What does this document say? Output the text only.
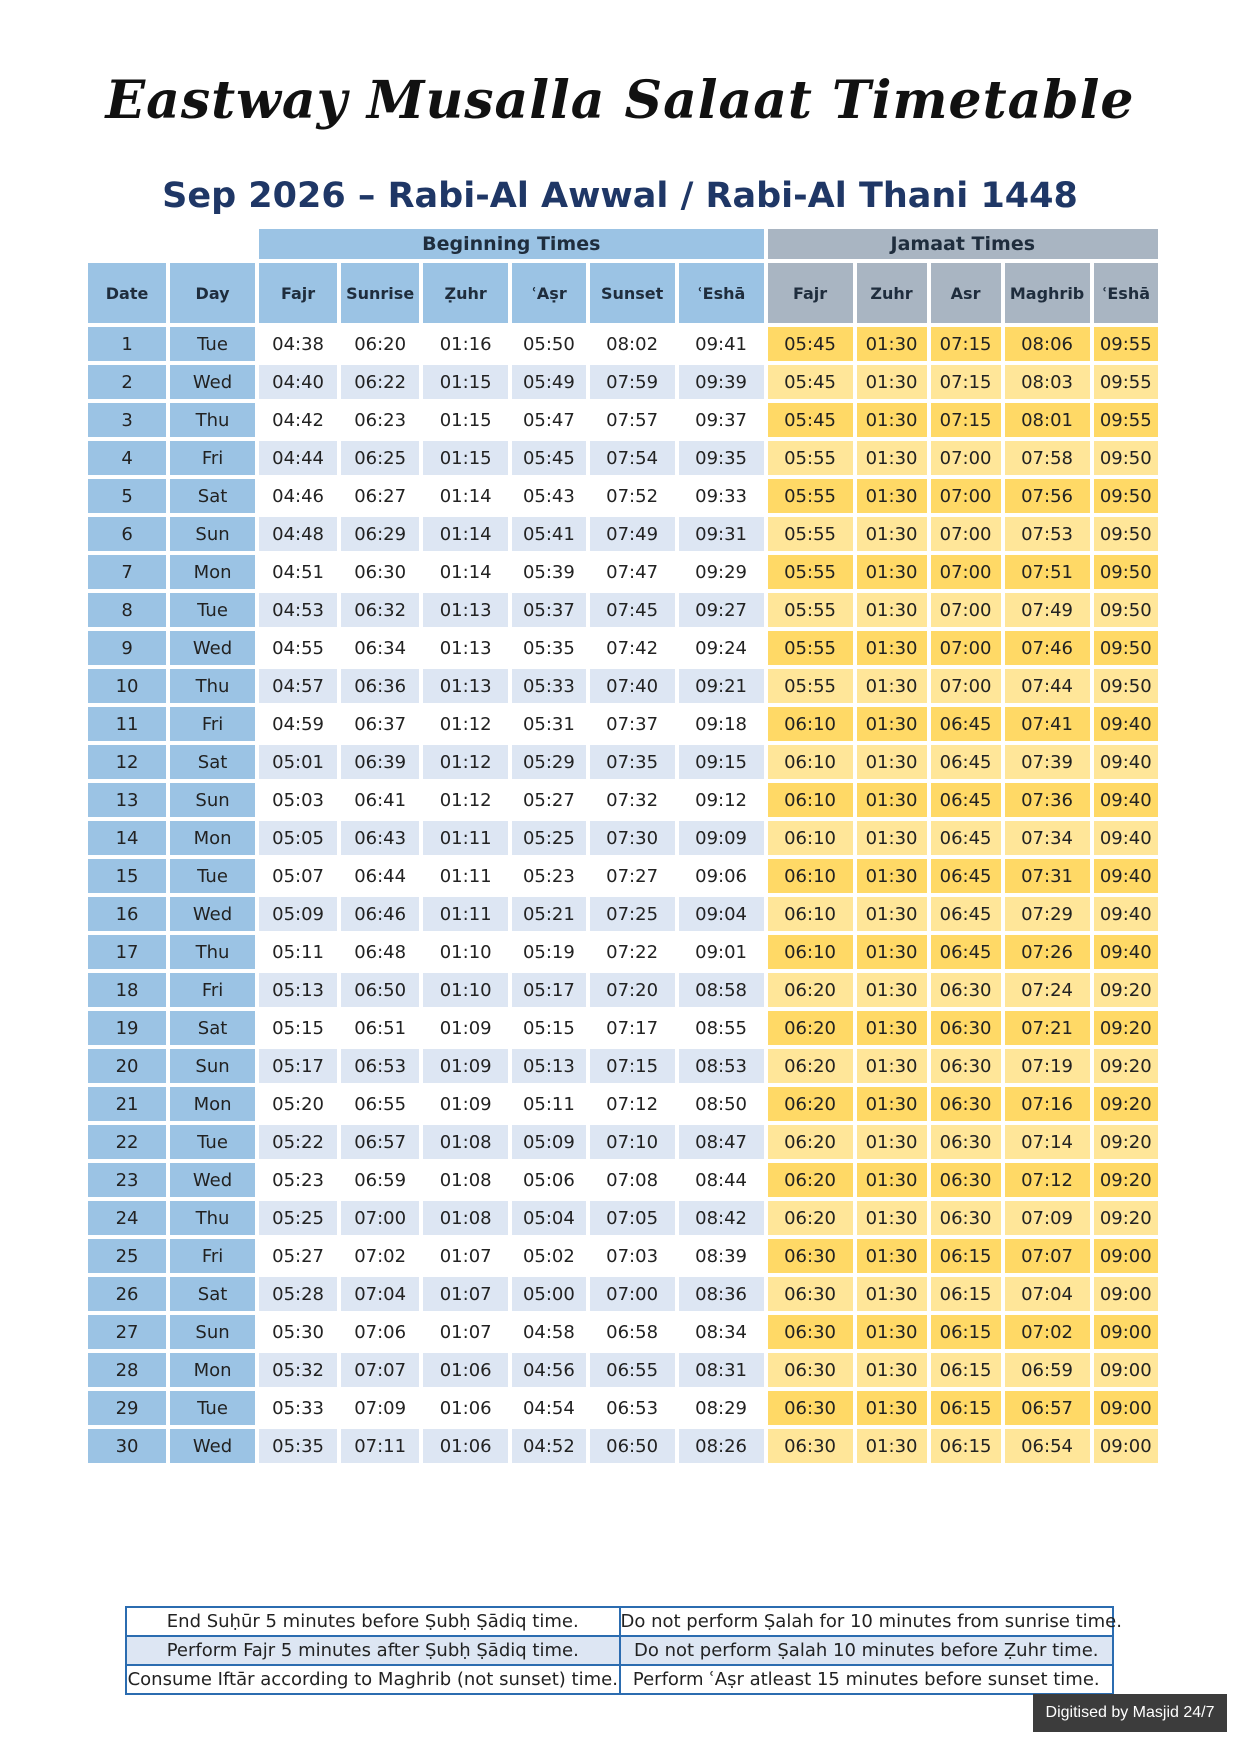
Eastway Musalla Salaat Timetable
Sep 2026 – Rabi-Al Awwal / Rabi-Al Thani 1448
		Beginning Times						Jamaat Times				
Date	Day	Fajr	Sunrise	Ẓuhr	ʿAṣr	Sunset	ʿEshā	Fajr	Zuhr	Asr	Maghrib	ʿEshā
1	Tue	04:38	06:20	01:16	05:50	08:02	09:41	05:45	01:30	07:15	08:06	09:55
2	Wed	04:40	06:22	01:15	05:49	07:59	09:39	05:45	01:30	07:15	08:03	09:55
3	Thu	04:42	06:23	01:15	05:47	07:57	09:37	05:45	01:30	07:15	08:01	09:55
4	Fri	04:44	06:25	01:15	05:45	07:54	09:35	05:55	01:30	07:00	07:58	09:50
5	Sat	04:46	06:27	01:14	05:43	07:52	09:33	05:55	01:30	07:00	07:56	09:50
6	Sun	04:48	06:29	01:14	05:41	07:49	09:31	05:55	01:30	07:00	07:53	09:50
7	Mon	04:51	06:30	01:14	05:39	07:47	09:29	05:55	01:30	07:00	07:51	09:50
8	Tue	04:53	06:32	01:13	05:37	07:45	09:27	05:55	01:30	07:00	07:49	09:50
9	Wed	04:55	06:34	01:13	05:35	07:42	09:24	05:55	01:30	07:00	07:46	09:50
10	Thu	04:57	06:36	01:13	05:33	07:40	09:21	05:55	01:30	07:00	07:44	09:50
11	Fri	04:59	06:37	01:12	05:31	07:37	09:18	06:10	01:30	06:45	07:41	09:40
12	Sat	05:01	06:39	01:12	05:29	07:35	09:15	06:10	01:30	06:45	07:39	09:40
13	Sun	05:03	06:41	01:12	05:27	07:32	09:12	06:10	01:30	06:45	07:36	09:40
14	Mon	05:05	06:43	01:11	05:25	07:30	09:09	06:10	01:30	06:45	07:34	09:40
15	Tue	05:07	06:44	01:11	05:23	07:27	09:06	06:10	01:30	06:45	07:31	09:40
16	Wed	05:09	06:46	01:11	05:21	07:25	09:04	06:10	01:30	06:45	07:29	09:40
17	Thu	05:11	06:48	01:10	05:19	07:22	09:01	06:10	01:30	06:45	07:26	09:40
18	Fri	05:13	06:50	01:10	05:17	07:20	08:58	06:20	01:30	06:30	07:24	09:20
19	Sat	05:15	06:51	01:09	05:15	07:17	08:55	06:20	01:30	06:30	07:21	09:20
20	Sun	05:17	06:53	01:09	05:13	07:15	08:53	06:20	01:30	06:30	07:19	09:20
21	Mon	05:20	06:55	01:09	05:11	07:12	08:50	06:20	01:30	06:30	07:16	09:20
22	Tue	05:22	06:57	01:08	05:09	07:10	08:47	06:20	01:30	06:30	07:14	09:20
23	Wed	05:23	06:59	01:08	05:06	07:08	08:44	06:20	01:30	06:30	07:12	09:20
24	Thu	05:25	07:00	01:08	05:04	07:05	08:42	06:20	01:30	06:30	07:09	09:20
25	Fri	05:27	07:02	01:07	05:02	07:03	08:39	06:30	01:30	06:15	07:07	09:00
26	Sat	05:28	07:04	01:07	05:00	07:00	08:36	06:30	01:30	06:15	07:04	09:00
27	Sun	05:30	07:06	01:07	04:58	06:58	08:34	06:30	01:30	06:15	07:02	09:00
28	Mon	05:32	07:07	01:06	04:56	06:55	08:31	06:30	01:30	06:15	06:59	09:00
29	Tue	05:33	07:09	01:06	04:54	06:53	08:29	06:30	01:30	06:15	06:57	09:00
30	Wed	05:35	07:11	01:06	04:52	06:50	08:26	06:30	01:30	06:15	06:54	09:00
End Suḥūr 5 minutes before Ṣubḥ Ṣādiq time.	Do not perform Ṣalah for 10 minutes from sunrise time.
Perform Fajr 5 minutes after Ṣubḥ Ṣādiq time.	Do not perform Ṣalah 10 minutes before Ẓuhr time.
Consume Iftār according to Maghrib (not sunset) time.	Perform ʿAṣr atleast 15 minutes before sunset time.
Digitised by Masjid 24/7
